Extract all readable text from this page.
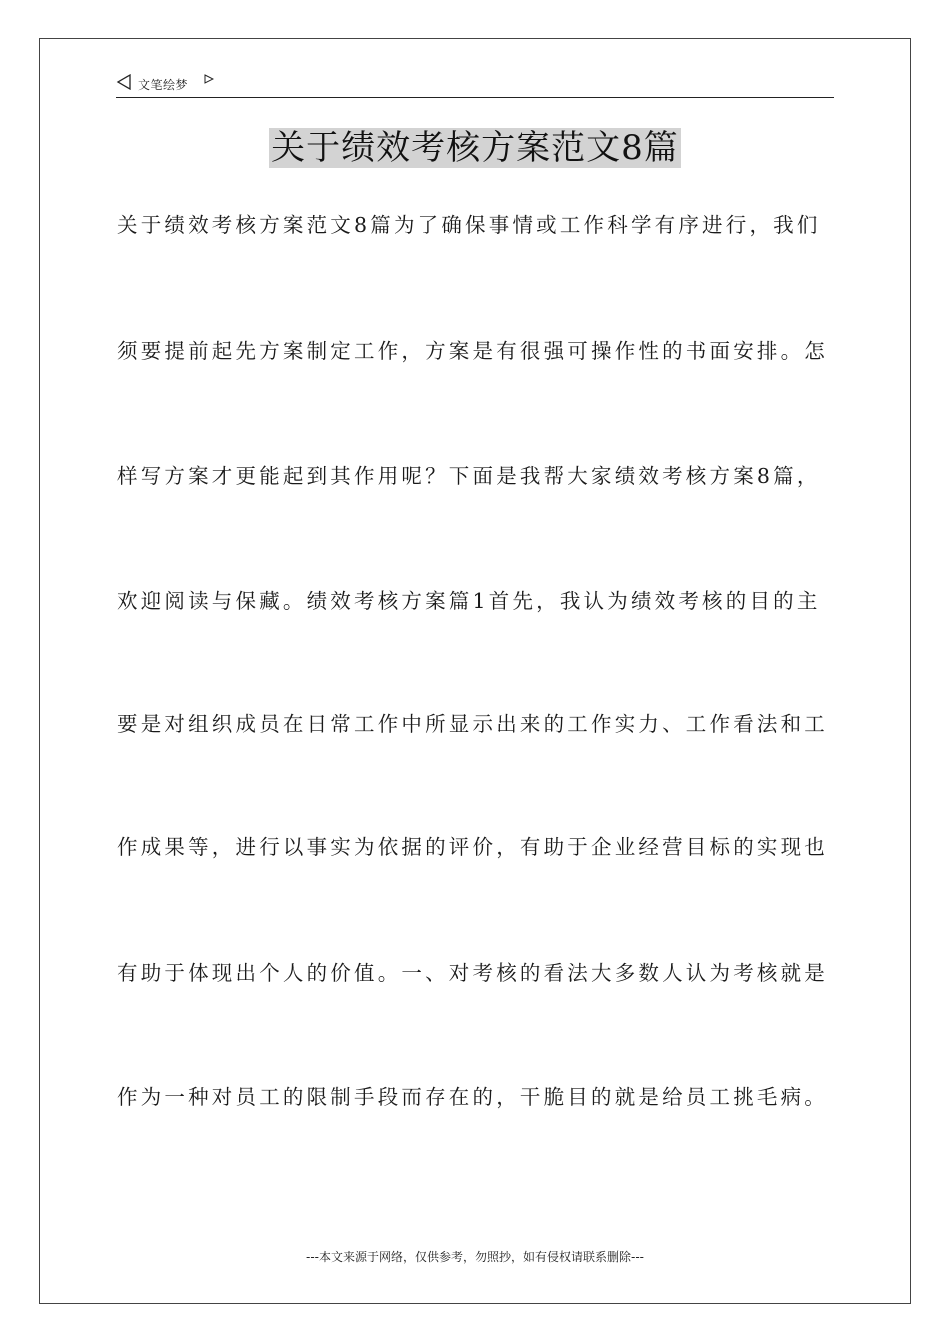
文笔绘梦
关于绩效考核方案范文8篇
关于绩效考核方案范文8篇为了确保事情或工作科学有序进行，我们
须要提前起先方案制定工作，方案是有很强可操作性的书面安排。怎
样写方案才更能起到其作用呢？下面是我帮大家绩效考核方案8篇，
欢迎阅读与保藏。绩效考核方案篇1首先，我认为绩效考核的目的主
要是对组织成员在日常工作中所显示出来的工作实力、工作看法和工
作成果等，进行以事实为依据的评价，有助于企业经营目标的实现也
有助于体现出个人的价值。一、对考核的看法大多数人认为考核就是
作为一种对员工的限制手段而存在的，干脆目的就是给员工挑毛病。
---本文来源于网络，仅供参考，勿照抄，如有侵权请联系删除---
